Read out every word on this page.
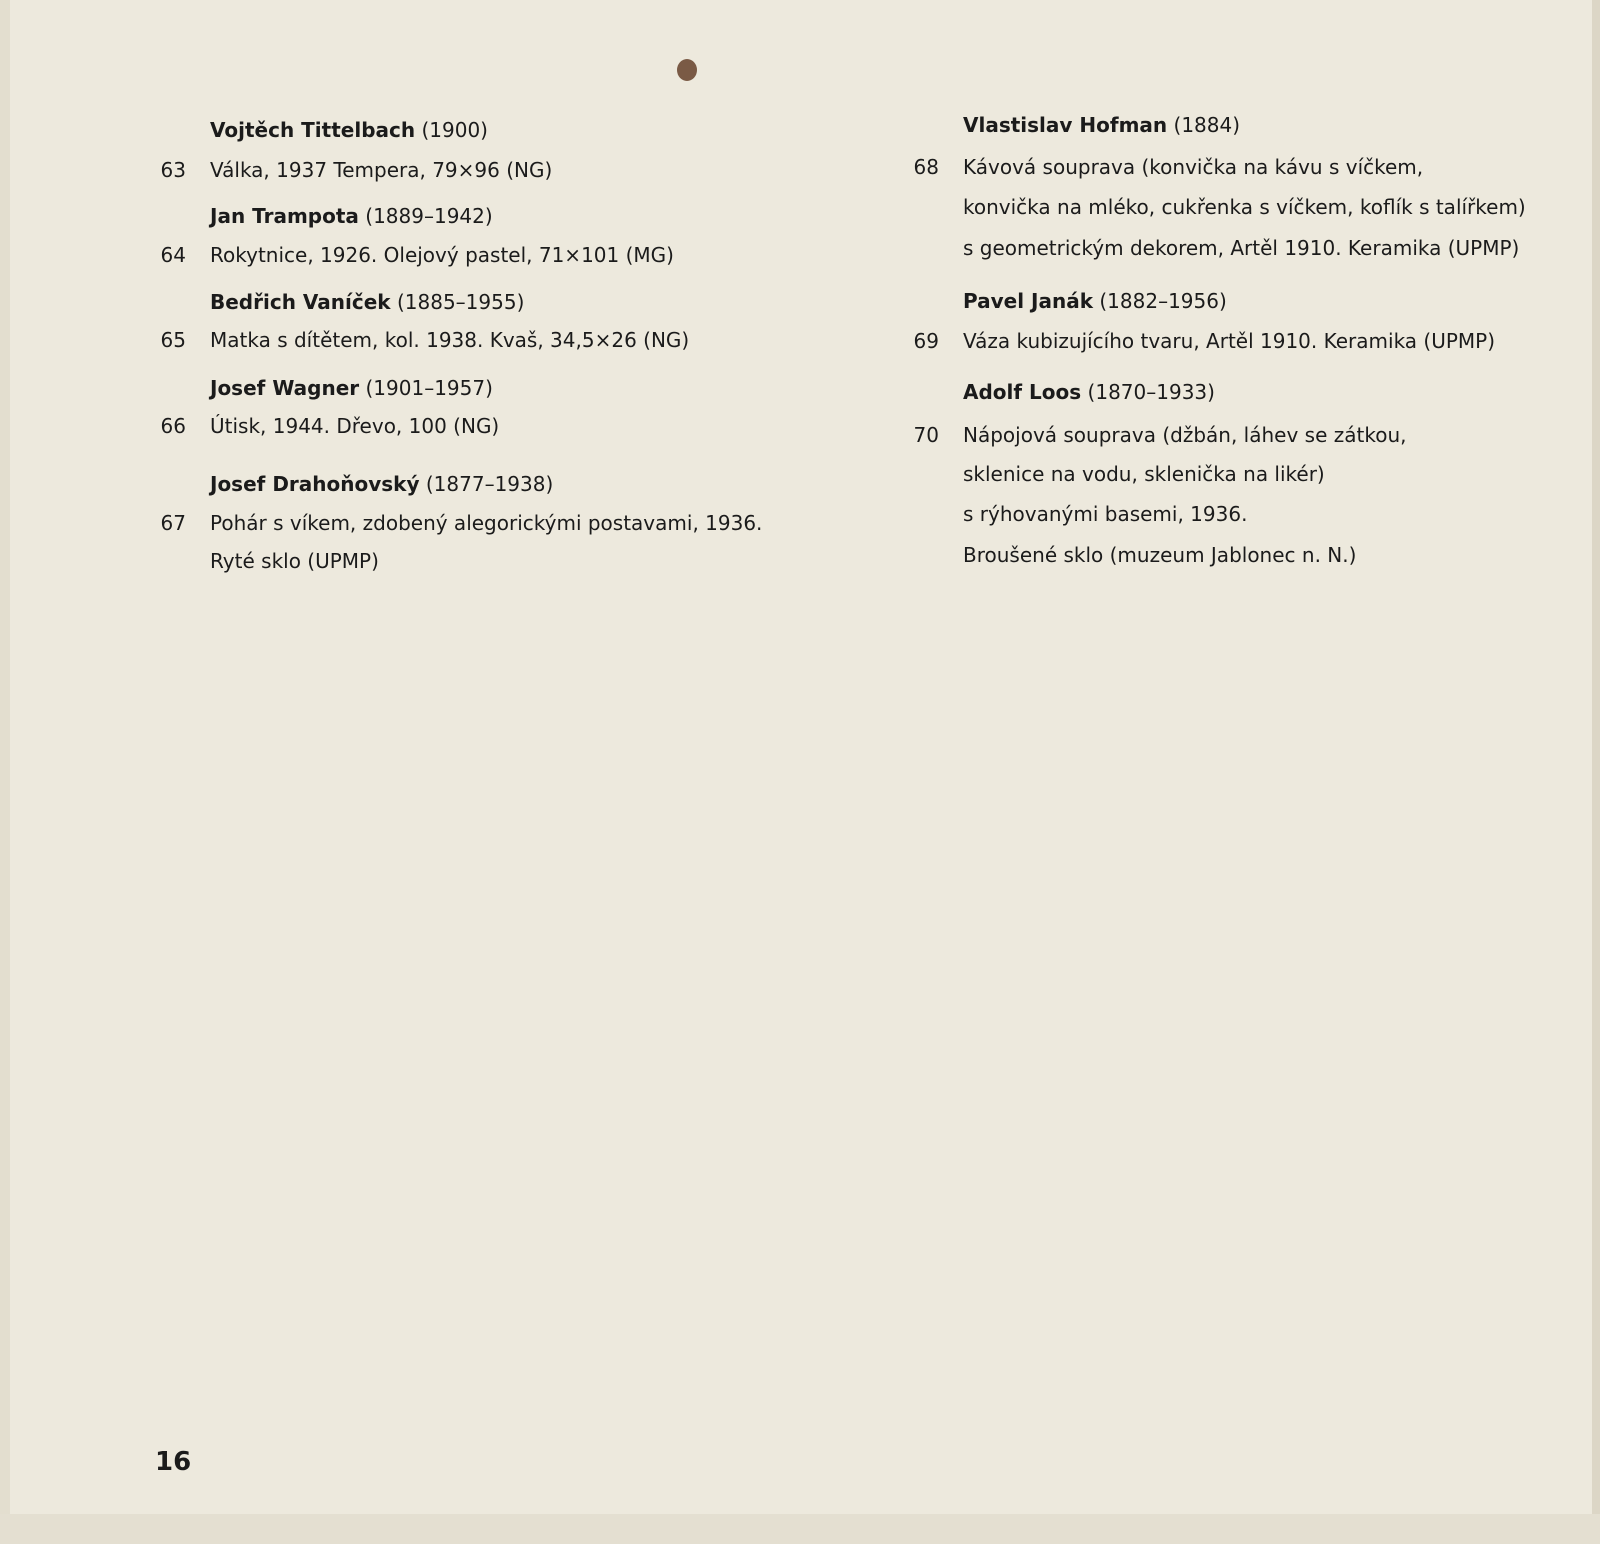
Vojtěch Tittelbach (1900)
63 Válka, 1937 Tempera, 79×96 (NG)
Jan Trampota (1889–1942)
64 Rokytnice, 1926. Olejový pastel, 71×101 (MG)
Bedřich Vaníček (1885–1955)
65 Matka s dítětem, kol. 1938. Kvaš, 34,5×26 (NG)
Josef Wagner (1901–1957)
66 Útisk, 1944. Dřevo, 100 (NG)
Josef Drahoňovský (1877–1938)
67 Pohár s víkem, zdobený alegorickými postavami, 1936.
Ryté sklo (UPMP)
Vlastislav Hofman (1884)
68 Kávová souprava (konvička na kávu s víčkem,
konvička na mléko, cukřenka s víčkem, koflík s talířkem)
s geometrickým dekorem, Artěl 1910. Keramika (UPMP)
Pavel Janák (1882–1956)
69 Váza kubizujícího tvaru, Artěl 1910. Keramika (UPMP)
Adolf Loos (1870–1933)
70 Nápojová souprava (džbán, láhev se zátkou,
sklenice na vodu, sklenička na likér)
s rýhovanými basemi, 1936.
Broušené sklo (muzeum Jablonec n. N.)
16
